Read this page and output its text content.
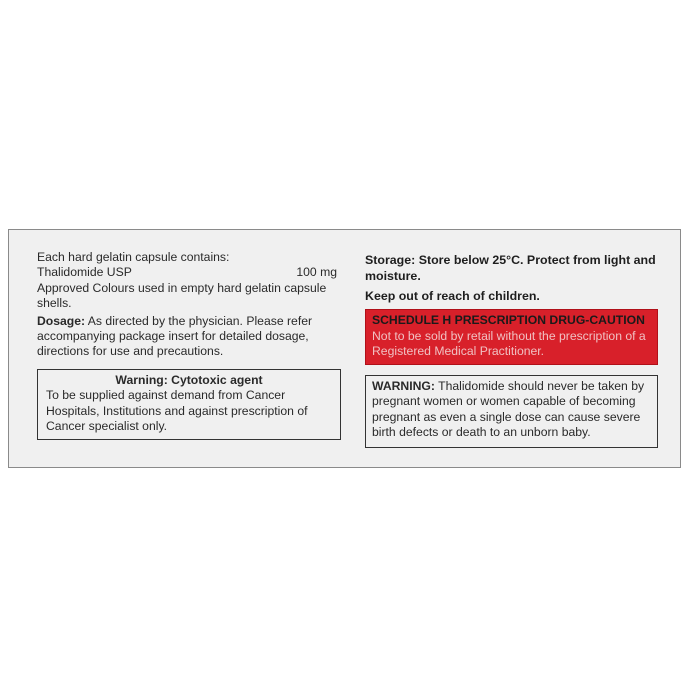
Each hard gelatin capsule contains:
Thalidomide USP	100 mg
Approved Colours used in empty hard gelatin capsule shells.
Dosage: As directed by the physician. Please refer accompanying package insert for detailed dosage, directions for use and precautions.
Warning: Cytotoxic agent
To be supplied against demand from Cancer Hospitals, Institutions and against prescription of Cancer specialist only.
Storage: Store below 25°C. Protect from light and moisture.
Keep out of reach of children.
SCHEDULE H PRESCRIPTION DRUG-CAUTION
Not to be sold by retail without the prescription of a Registered Medical Practitioner.
WARNING: Thalidomide should never be taken by pregnant women or women capable of becoming pregnant as even a single dose can cause severe birth defects or death to an unborn baby.
